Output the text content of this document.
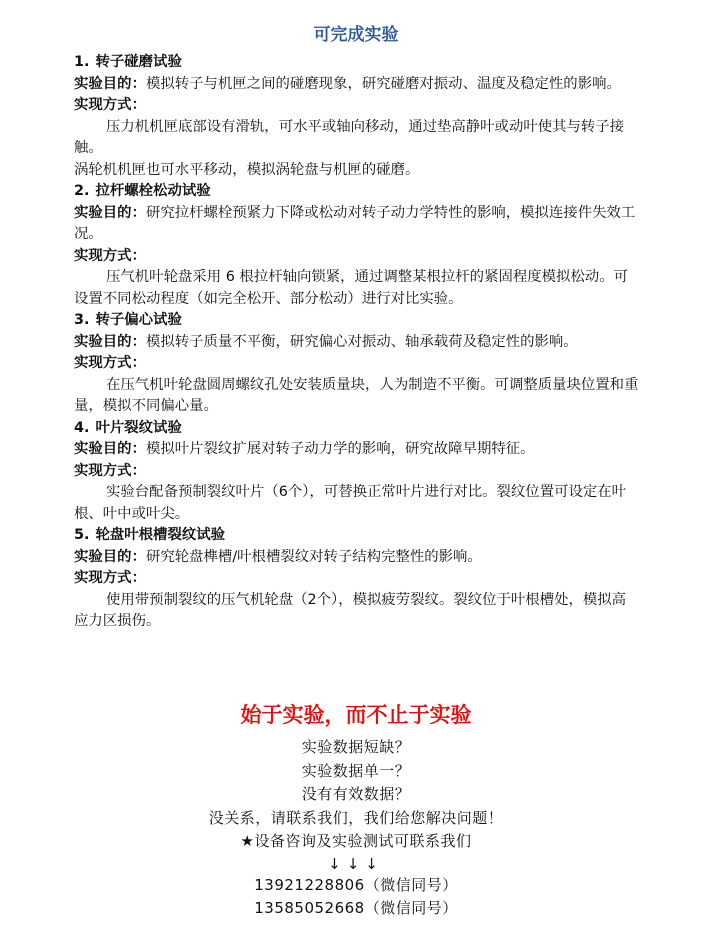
可完成实验

1. 转子碰磨试验

实验目的：模拟转子与机匣之间的碰磨现象，研究碰磨对振动、温度及稳定性的影响。

实现方式：

压力机机匣底部设有滑轨，可水平或轴向移动，通过垫高静叶或动叶使其与转子接触。

涡轮机机匣也可水平移动，模拟涡轮盘与机匣的碰磨。

2. 拉杆螺栓松动试验

实验目的：研究拉杆螺栓预紧力下降或松动对转子动力学特性的影响，模拟连接件失效工况。

实现方式：

压气机叶轮盘采用 6 根拉杆轴向锁紧，通过调整某根拉杆的紧固程度模拟松动。可设置不同松动程度（如完全松开、部分松动）进行对比实验。

3. 转子偏心试验

实验目的：模拟转子质量不平衡，研究偏心对振动、轴承载荷及稳定性的影响。

实现方式：

在压气机叶轮盘圆周螺纹孔处安装质量块，人为制造不平衡。可调整质量块位置和重量，模拟不同偏心量。

4. 叶片裂纹试验

实验目的：模拟叶片裂纹扩展对转子动力学的影响，研究故障早期特征。

实现方式：

实验台配备预制裂纹叶片（6个），可替换正常叶片进行对比。裂纹位置可设定在叶根、叶中或叶尖。

5. 轮盘叶根槽裂纹试验

实验目的：研究轮盘榫槽/叶根槽裂纹对转子结构完整性的影响。

实现方式：

使用带预制裂纹的压气机轮盘（2个），模拟疲劳裂纹。裂纹位于叶根槽处，模拟高应力区损伤。

始于实验，而不止于实验
实验数据短缺？
实验数据单一？
没有有效数据？
没关系，请联系我们，我们给您解决问题！
★设备咨询及实验测试可联系我们
↓↓↓
13921228806（微信同号）
13585052668（微信同号）
